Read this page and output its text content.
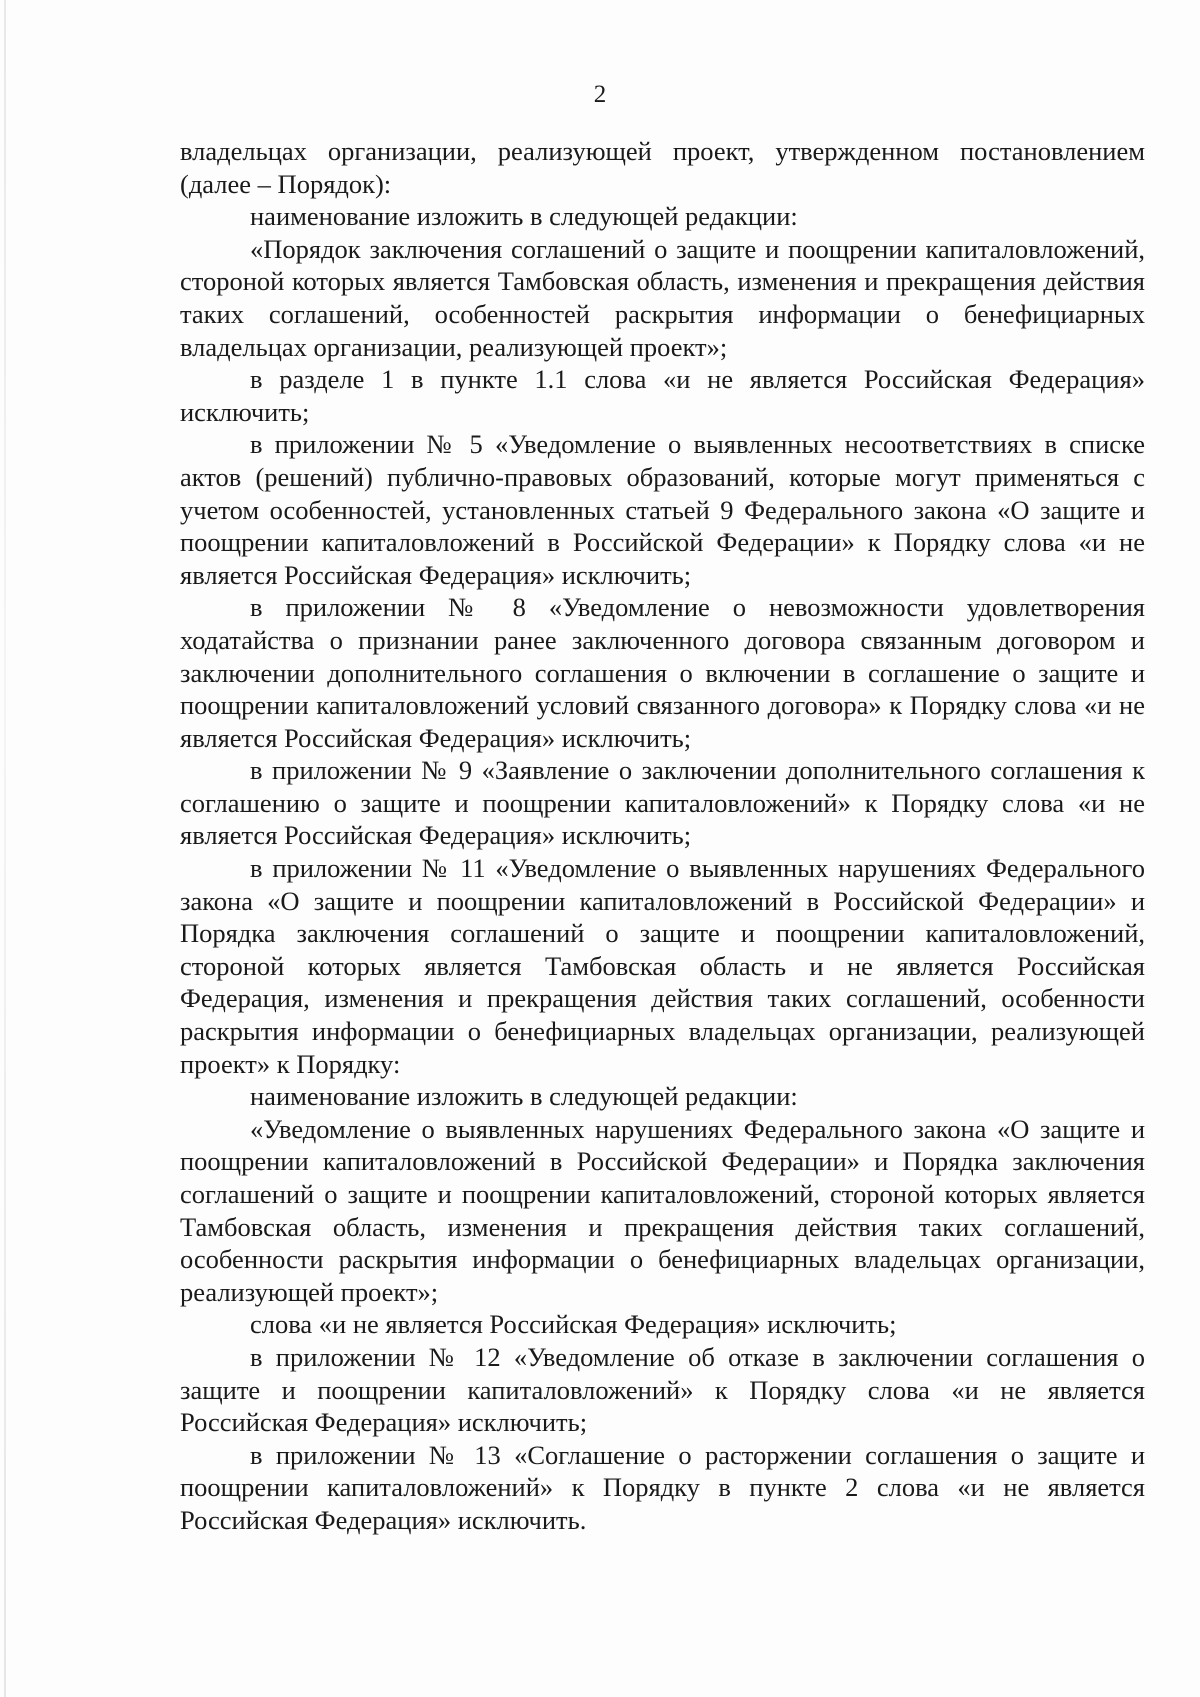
2

владельцах организации, реализующей проект, утвержденном постановлением (далее – Порядок):

наименование изложить в следующей редакции:

«Порядок заключения соглашений о защите и поощрении капиталовложений, стороной которых является Тамбовская область, изменения и прекращения действия таких соглашений, особенностей раскрытия информации о бенефициарных владельцах организации, реализующей проект»;

в разделе 1 в пункте 1.1 слова «и не является Российская Федерация» исключить;

в приложении № 5 «Уведомление о выявленных несоответствиях в списке актов (решений) публично-правовых образований, которые могут применяться с учетом особенностей, установленных статьей 9 Федерального закона «О защите и поощрении капиталовложений в Российской Федерации» к Порядку слова «и не является Российская Федерация» исключить;

в приложении № 8 «Уведомление о невозможности удовлетворения ходатайства о признании ранее заключенного договора связанным договором и заключении дополнительного соглашения о включении в соглашение о защите и поощрении капиталовложений условий связанного договора» к Порядку слова «и не является Российская Федерация» исключить;

в приложении № 9 «Заявление о заключении дополнительного соглашения к соглашению о защите и поощрении капиталовложений» к Порядку слова «и не является Российская Федерация» исключить;

в приложении № 11 «Уведомление о выявленных нарушениях Федерального закона «О защите и поощрении капиталовложений в Российской Федерации» и Порядка заключения соглашений о защите и поощрении капиталовложений, стороной которых является Тамбовская область и не является Российская Федерация, изменения и прекращения действия таких соглашений, особенности раскрытия информации о бенефициарных владельцах организации, реализующей проект» к Порядку:

наименование изложить в следующей редакции:

«Уведомление о выявленных нарушениях Федерального закона «О защите и поощрении капиталовложений в Российской Федерации» и Порядка заключения соглашений о защите и поощрении капиталовложений, стороной которых является Тамбовская область, изменения и прекращения действия таких соглашений, особенности раскрытия информации о бенефициарных владельцах организации, реализующей проект»;

слова «и не является Российская Федерация» исключить;

в приложении № 12 «Уведомление об отказе в заключении соглашения о защите и поощрении капиталовложений» к Порядку слова «и не является Российская Федерация» исключить;

в приложении № 13 «Соглашение о расторжении соглашения о защите и поощрении капиталовложений» к Порядку в пункте 2 слова «и не является Российская Федерация» исключить.
